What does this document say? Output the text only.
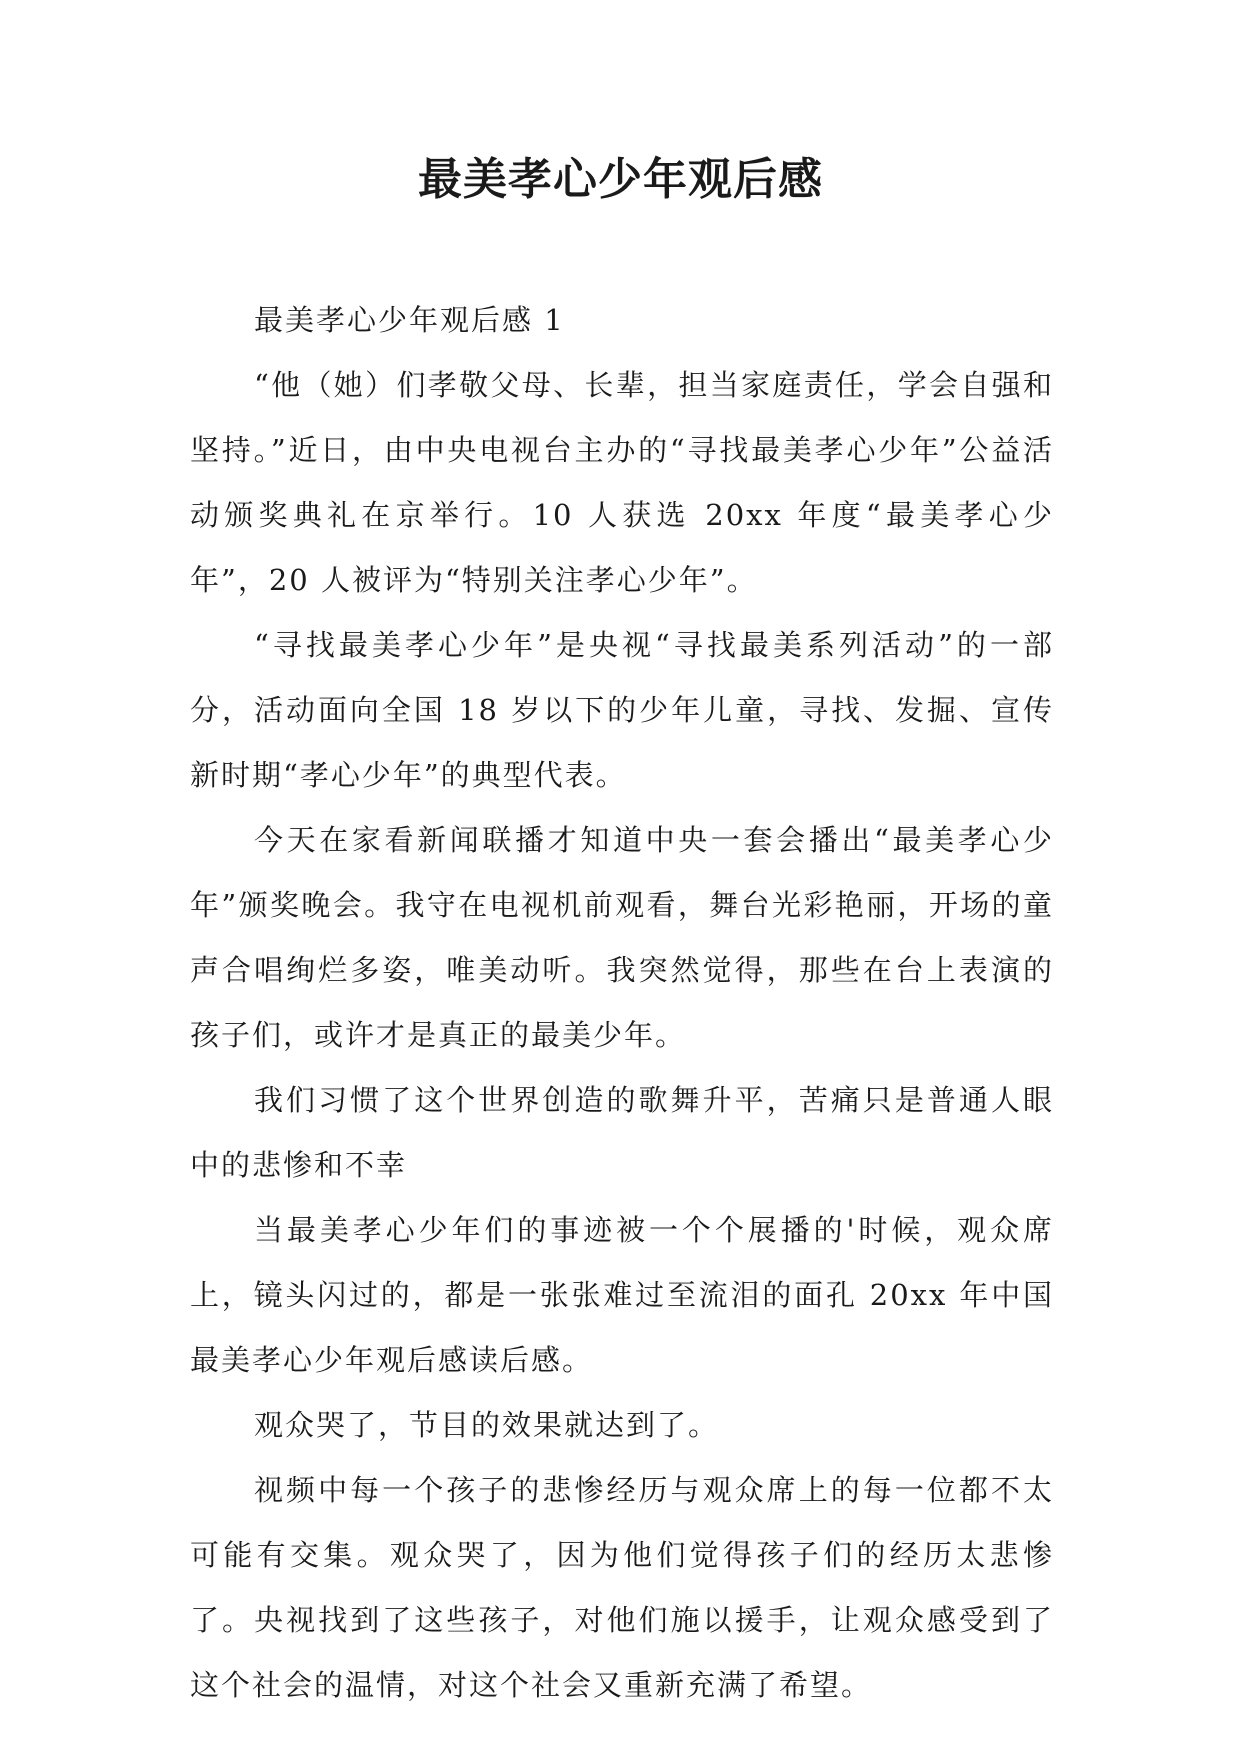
最美孝心少年观后感

最美孝心少年观后感 1

“他（她）们孝敬父母、长辈，担当家庭责任，学会自强和坚持。”近日，由中央电视台主办的“寻找最美孝心少年”公益活动颁奖典礼在京举行。10 人获选 20xx 年度“最美孝心少年”，20 人被评为“特别关注孝心少年”。

“寻找最美孝心少年”是央视“寻找最美系列活动”的一部分，活动面向全国 18 岁以下的少年儿童，寻找、发掘、宣传新时期“孝心少年”的典型代表。

今天在家看新闻联播才知道中央一套会播出“最美孝心少年”颁奖晚会。我守在电视机前观看，舞台光彩艳丽，开场的童声合唱绚烂多姿，唯美动听。我突然觉得，那些在台上表演的孩子们，或许才是真正的最美少年。

我们习惯了这个世界创造的歌舞升平，苦痛只是普通人眼中的悲惨和不幸

当最美孝心少年们的事迹被一个个展播的'时候，观众席上，镜头闪过的，都是一张张难过至流泪的面孔 20xx 年中国最美孝心少年观后感读后感。

观众哭了，节目的效果就达到了。

视频中每一个孩子的悲惨经历与观众席上的每一位都不太可能有交集。观众哭了，因为他们觉得孩子们的经历太悲惨了。央视找到了这些孩子，对他们施以援手，让观众感受到了这个社会的温情，对这个社会又重新充满了希望。
